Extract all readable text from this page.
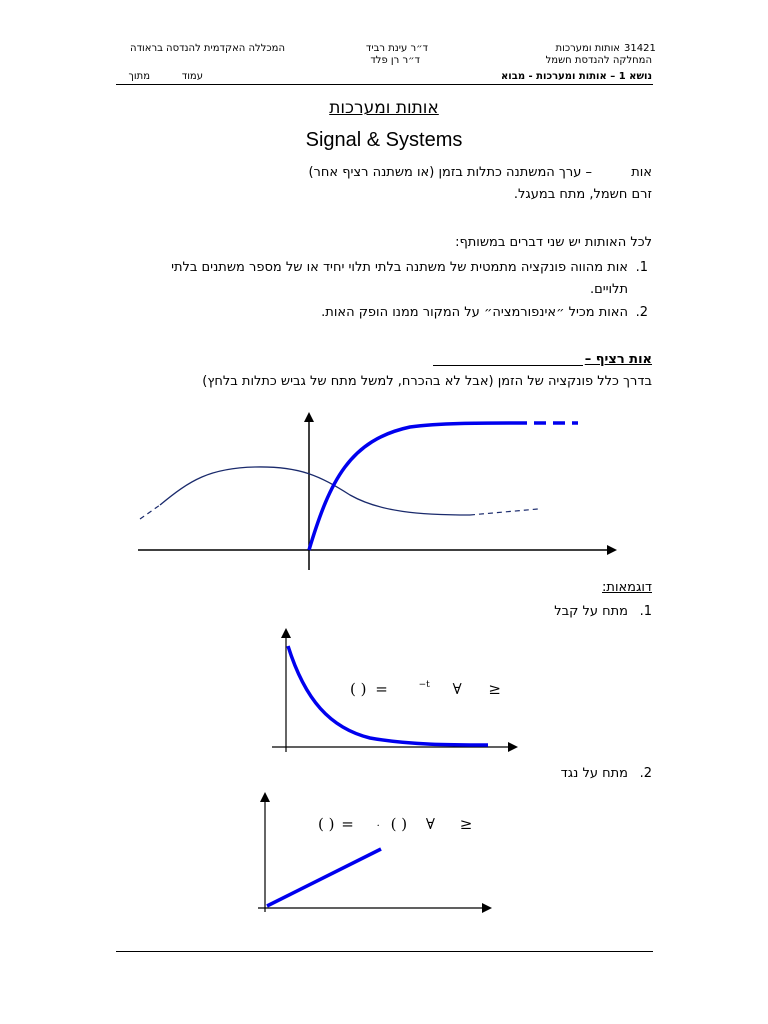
31421
אותות ומערכות
המחלקה להנדסת חשמל
ד״ר עינת רביד
ד״ר רן פלד
המכללה האקדמית להנדסה בראודה
נושא 1 – אותות ומערכות - מבוא
עמוד
מתוך
אותות ומערכות
Signal & Systems
אות
– ערך המשתנה כתלות בזמן (או משתנה רציף אחר)
זרם חשמל, מתח במעגל.
לכל האותות יש שני דברים במשותף:
1.
אות מהווה פונקציה מתמטית של משתנה בלתי תלוי יחיד או של מספר משתנים בלתי
תלויים.
2.
האות מכיל ״אינפורמציה״ על המקור ממנו הופק האות.
אות רציף –
בדרך כלל פונקציה של הזמן (אבל לא בהכרח, למשל מתח של גביש כתלות בלחץ)
דוגמאות:
1.
מתח על קבל
2.
מתח על נגד
( ) =	$^{-t}$ ∀ ≥
( ) = · ( ) ∀ ≥
